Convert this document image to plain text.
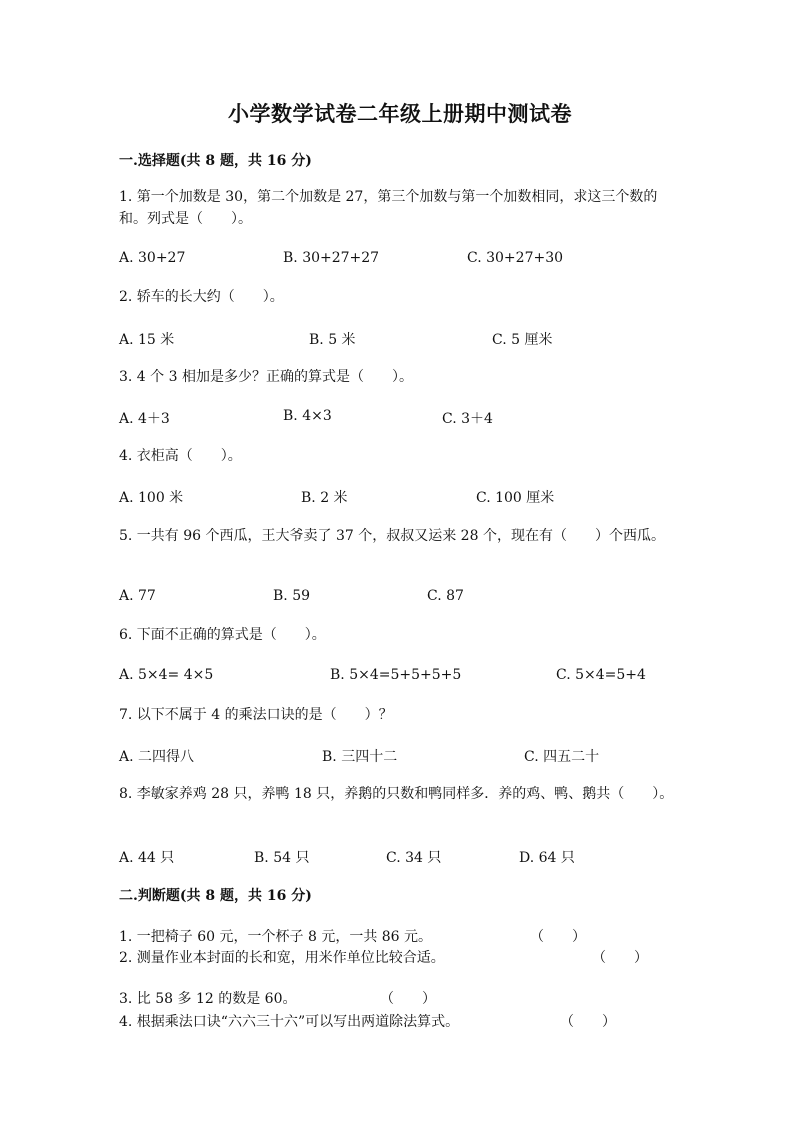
小学数学试卷二年级上册期中测试卷
一.选择题(共 8 题，共 16 分)
1. 第一个加数是 30，第二个加数是 27，第三个加数与第一个加数相同，求这三个数的和。列式是（　　）。
A. 30+27	B. 30+27+27	C. 30+27+30
2. 轿车的长大约（　　）。
A. 15 米	B. 5 米	C. 5 厘米
3. 4 个 3 相加是多少？正确的算式是（　　）。
A. 4＋3	B. 4×3	C. 3＋4
4. 衣柜高（　　）。
A. 100 米	B. 2 米	C. 100 厘米
5. 一共有 96 个西瓜，王大爷卖了 37 个，叔叔又运来 28 个，现在有（　　）个西瓜。
A. 77	B. 59	C. 87
6. 下面不正确的算式是（　　）。
A. 5×4= 4×5	B. 5×4=5+5+5+5	C. 5×4=5+4
7. 以下不属于 4 的乘法口诀的是（　　）？
A. 二四得八	B. 三四十二	C. 四五二十
8. 李敏家养鸡 28 只，养鸭 18 只，养鹅的只数和鸭同样多．养的鸡、鸭、鹅共（　　）。
A. 44 只	B. 54 只	C. 34 只	D. 64 只
二.判断题(共 8 题，共 16 分)
1. 一把椅子 60 元，一个杯子 8 元，一共 86 元。	（　　）
2. 测量作业本封面的长和宽，用米作单位比较合适。	（　　）
3. 比 58 多 12 的数是 60。	（　　）
4. 根据乘法口诀“六六三十六”可以写出两道除法算式。	（　　）
